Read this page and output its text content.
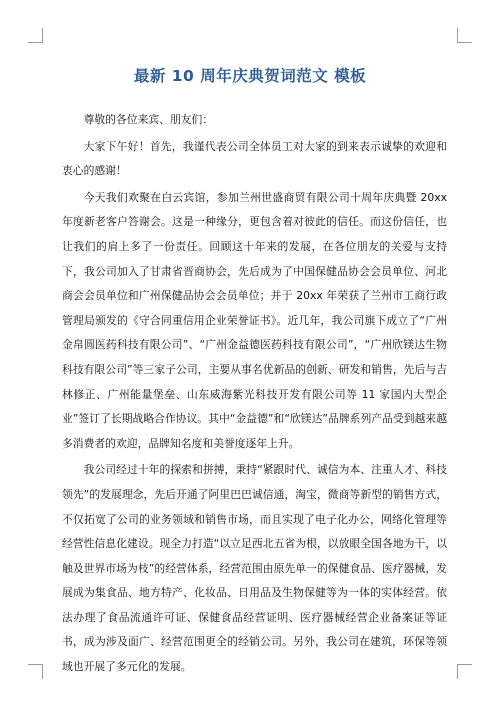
最新 10 周年庆典贺词范文 模板

尊敬的各位来宾、朋友们：

大家下午好！首先，我谨代表公司全体员工对大家的到来表示诚挚的欢迎和衷心的感谢！

今天我们欢聚在白云宾馆，参加兰州世盛商贸有限公司十周年庆典暨 20xx 年度新老客户答谢会。这是一种缘分，更包含着对彼此的信任。而这份信任，也让我们的肩上多了一份责任。回顾这十年来的发展，在各位朋友的关爱与支持下，我公司加入了甘肃省晋商协会，先后成为了中国保健品协会会员单位、河北商会会员单位和广州保健品协会会员单位；并于 20xx 年荣获了兰州市工商行政管理局颁发的《守合同重信用企业荣誉证书》。近几年，我公司旗下成立了“广州金帛圆医药科技有限公司”、“广州金益德医药科技有限公司”，“广州欣镁达生物科技有限公司”等三家子公司，主要从事名优新品的创新、研发和销售，先后与吉林修正、广州能量堡垒、山东威海紫光科技开发有限公司等 11 家国内大型企业”签订了长期战略合作协议。其中“金益德”和“欣镁达”品牌系列产品受到越来越多消费者的欢迎，品牌知名度和美誉度逐年上升。

我公司经过十年的探索和拼搏，秉持“紧跟时代、诚信为本、注重人才、科技领先”的发展理念，先后开通了阿里巴巴诚信通，淘宝，微商等新型的销售方式，不仅拓宽了公司的业务领域和销售市场，而且实现了电子化办公，网络化管理等经营性信息化建设。现全力打造“以立足西北五省为根，以放眼全国各地为干，以触及世界市场为枝”的经营体系，经营范围由原先单一的保健食品、医疗器械，发展成为集食品、地方特产、化妆品、日用品及生物保健等为一体的实体经营。依法办理了食品流通许可证、保健食品经营证明、医疗器械经营企业备案证等证书，成为涉及面广、经营范围更全的经销公司。另外，我公司在建筑，环保等领域也开展了多元化的发展。
